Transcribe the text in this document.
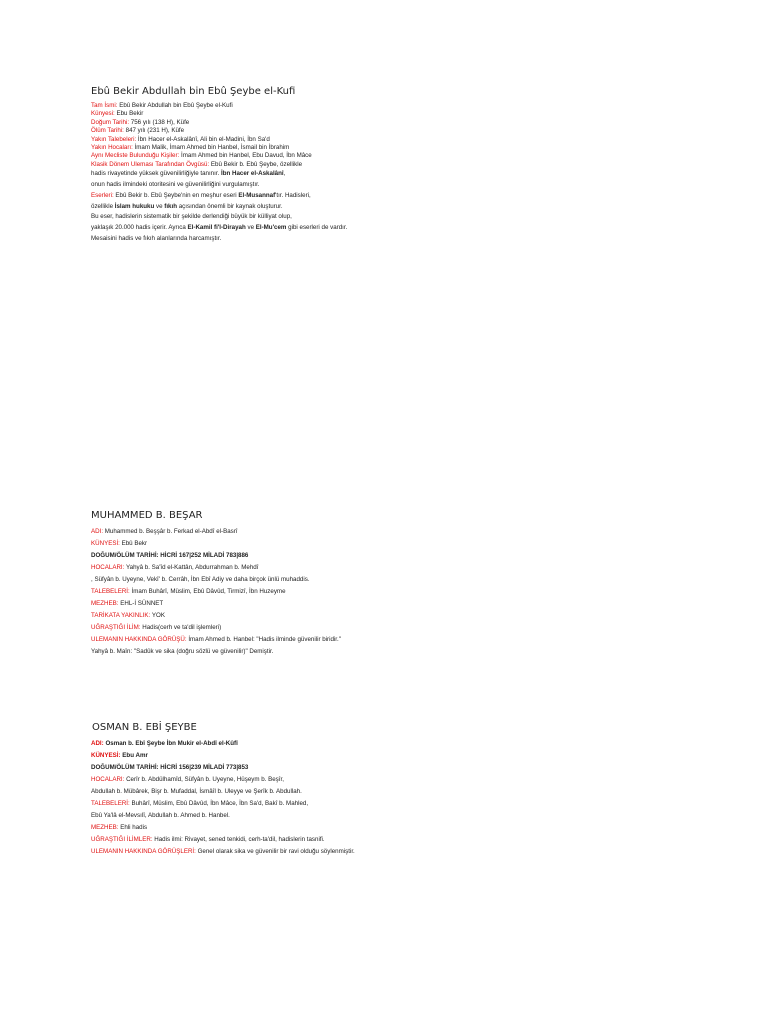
Ebû Bekir Abdullah bin Ebû Şeybe el-Kufi
Tam İsmi: Ebû Bekir Abdullah bin Ebû Şeybe el-Kufi
Künyesi: Ebu Bekir
Doğum Tarihi: 756 yılı (138 H), Küfe
Ölüm Tarihi: 847 yılı (231 H), Küfe
Yakın Talebeleri: İbn Hacer el-Askalânî, Ali bin el-Madini, İbn Sa'd
Yakın Hocaları: İmam Malik, İmam Ahmed bin Hanbel, İsmail bin İbrahim
Aynı Mecliste Bulunduğu Kişiler: İmam Ahmed bin Hanbel, Ebu Davud, İbn Mâce
Klasik Dönem Uleması Tarafından Övgüsü: Ebû Bekir b. Ebû Şeybe, özellikle
hadis rivayetinde yüksek güvenilirliğiyle tanınır. İbn Hacer el-Askalânî,
onun hadis ilmindeki otoritesini ve güvenilirliğini vurgulamıştır.
Eserleri: Ebû Bekir b. Ebû Şeybe'nin en meşhur eseri El-Musannaf'tır. Hadisleri,
özellikle İslam hukuku ve fıkıh açısından önemli bir kaynak oluşturur.
Bu eser, hadislerin sistematik bir şekilde derlendiği büyük bir külliyat olup,
yaklaşık 20.000 hadis içerir. Ayrıca El-Kamil fi'l-Dirayah ve El-Mu'cem gibi eserleri de vardır.
Mesaisini hadis ve fıkıh alanlarında harcamıştır.
MUHAMMED B. BEŞAR
ADI: Muhammed b. Beşşâr b. Ferkad el-Abdî el-Basrî
KÜNYESİ: Ebû Bekr
DOĞUM/ÖLÜM TARİHİ: HİCRİ 167|252 MİLADİ 783|886
HOCALARI: Yahyâ b. Sa'îd el-Kattân, Abdurrahman b. Mehdî
, Süfyân b. Uyeyne, Vekî' b. Cerrâh, İbn Ebî Adiy ve daha birçok ünlü muhaddis.
TALEBELERİ: İmam Buhârî, Müslim, Ebû Dâvûd, Tirmizî, İbn Huzeyme
MEZHEB: EHL-İ SÜNNET
TARİKATA YAKINLIK: YOK
UĞRAŞTIĞI İLİM: Hadis(cerh ve ta'dil işlemleri)
ULEMANIN HAKKINDA GÖRÜŞÜ: İmam Ahmed b. Hanbel: "Hadis ilminde güvenilir biridir."
Yahyâ b. Maîn: "Sadûk ve sika (doğru sözlü ve güvenilir)" Demiştir.
OSMAN B. EBİ ŞEYBE
ADI: Osman b. Ebî Şeybe İbn Mukir el-Abdî el-Kûfî
KÜNYESİ: Ebu Amr
DOĞUM/ÖLÜM TARİHİ: HİCRİ 156|239 MİLADİ 773|853
HOCALARI: Cerîr b. Abdülhamîd, Süfyân b. Uyeyne, Hüşeym b. Beşîr,
Abdullah b. Mübârek, Bişr b. Mufaddal, İsmâîl b. Uleyye ve Şerîk b. Abdullah.
TALEBELERİ: Buhârî, Müslim, Ebû Dâvûd, İbn Mâce, İbn Sa'd, Bakî b. Mahled,
Ebû Ya'lâ el-Mevsılî, Abdullah b. Ahmed b. Hanbel.
MEZHEB: Ehli hadis
UĞRAŞTIĞI İLİMLER: Hadis ilmi: Rivayet, sened tenkidi, cerh-ta'dil, hadislerin tasnifi.
ULEMANIN HAKKINDA GÖRÜŞLERİ: Genel olarak sika ve güvenilir bir ravi olduğu söylenmiştir.
